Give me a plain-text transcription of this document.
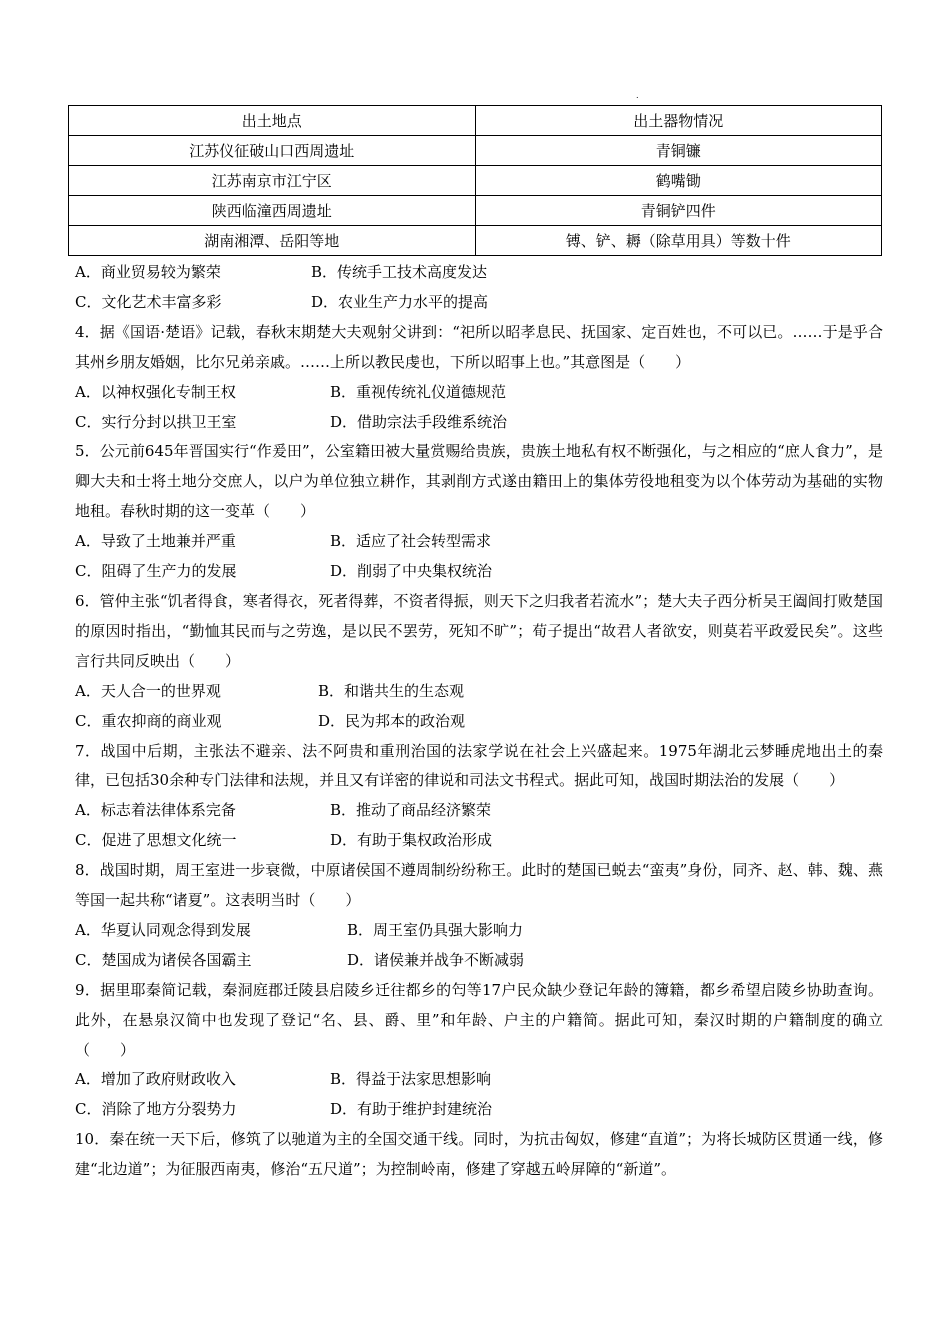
.
出土地点	出土器物情况
江苏仪征破山口西周遗址	青铜镰
江苏南京市江宁区	鹤嘴锄
陕西临潼西周遗址	青铜铲四件
湖南湘潭、岳阳等地	镈、铲、耨（除草用具）等数十件
A．商业贸易较为繁荣	B．传统手工技术高度发达
C．文化艺术丰富多彩	D．农业生产力水平的提高

4．据《国语·楚语》记载，春秋末期楚大夫观射父讲到：“祀所以昭孝息民、抚国家、定百姓也，不可以已。……于是乎合其州乡朋友婚姻，比尔兄弟亲戚。……上所以教民虔也，下所以昭事上也。”其意图是（　　）

A．以神权强化专制王权	B．重视传统礼仪道德规范
C．实行分封以拱卫王室	D．借助宗法手段维系统治

5．公元前645年晋国实行“作爰田”，公室籍田被大量赏赐给贵族，贵族土地私有权不断强化，与之相应的“庶人食力”，是卿大夫和士将土地分交庶人，以户为单位独立耕作，其剥削方式遂由籍田上的集体劳役地租变为以个体劳动为基础的实物地租。春秋时期的这一变革（　　）

A．导致了土地兼并严重	B．适应了社会转型需求
C．阻碍了生产力的发展	D．削弱了中央集权统治

6．管仲主张“饥者得食，寒者得衣，死者得葬，不资者得振，则天下之归我者若流水”；楚大夫子西分析吴王阖闾打败楚国的原因时指出，“勤恤其民而与之劳逸，是以民不罢劳，死知不旷”；荀子提出“故君人者欲安，则莫若平政爱民矣”。这些言行共同反映出（　　）

A．天人合一的世界观	B．和谐共生的生态观
C．重农抑商的商业观	D．民为邦本的政治观

7．战国中后期，主张法不避亲、法不阿贵和重刑治国的法家学说在社会上兴盛起来。1975年湖北云梦睡虎地出土的秦律，已包括30余种专门法律和法规，并且又有详密的律说和司法文书程式。据此可知，战国时期法治的发展（　　）

A．标志着法律体系完备	B．推动了商品经济繁荣
C．促进了思想文化统一	D．有助于集权政治形成

8．战国时期，周王室进一步衰微，中原诸侯国不遵周制纷纷称王。此时的楚国已蜕去“蛮夷”身份，同齐、赵、韩、魏、燕等国一起共称“诸夏”。这表明当时（　　）

A．华夏认同观念得到发展	B．周王室仍具强大影响力
C．楚国成为诸侯各国霸主	D．诸侯兼并战争不断减弱

9．据里耶秦简记载，秦洞庭郡迁陵县启陵乡迁往都乡的匄等17户民众缺少登记年龄的簿籍，都乡希望启陵乡协助查询。此外，在悬泉汉简中也发现了登记“名、县、爵、里”和年龄、户主的户籍简。据此可知，秦汉时期的户籍制度的确立（　　）

A．增加了政府财政收入	B．得益于法家思想影响
C．消除了地方分裂势力	D．有助于维护封建统治

10．秦在统一天下后，修筑了以驰道为主的全国交通干线。同时，为抗击匈奴，修建“直道”；为将长城防区贯通一线，修建“北边道”；为征服西南夷，修治“五尺道”；为控制岭南，修建了穿越五岭屏障的“新道”。
